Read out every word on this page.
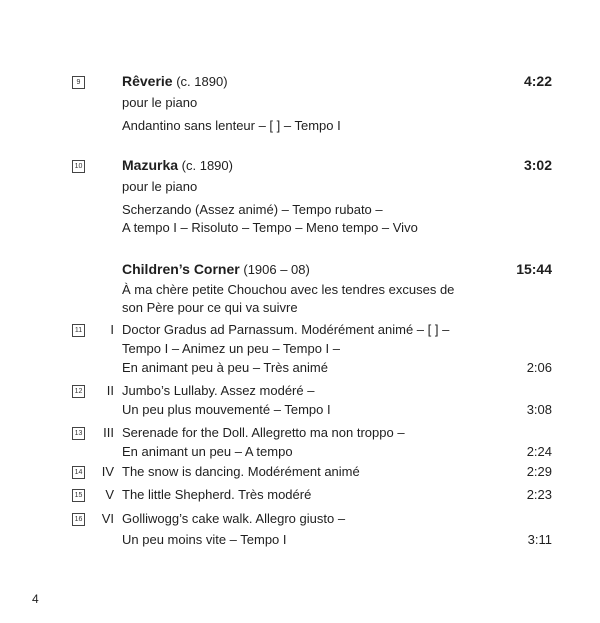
9	Rêverie (c. 1890)	4:22
pour le piano
Andantino sans lenteur – [ ] – Tempo I
10	Mazurka (c. 1890)	3:02
pour le piano
Scherzando (Assez animé) – Tempo rubato –
A tempo I – Risoluto – Tempo – Meno tempo – Vivo
Children’s Corner (1906 – 08)	15:44
À ma chère petite Chouchou avec les tendres excuses de
son Père pour ce qui va suivre
11	I Doctor Gradus ad Parnassum. Modérément animé – [ ] –
Tempo I – Animez un peu – Tempo I –
En animant peu à peu – Très animé	2:06
12	II Jumbo’s Lullaby. Assez modéré –
Un peu plus mouvementé – Tempo I	3:08
13	III Serenade for the Doll. Allegretto ma non troppo –
En animant un peu – A tempo	2:24
14	IV The snow is dancing. Modérément animé	2:29
15	V The little Shepherd. Très modéré	2:23
16	VI Golliwogg’s cake walk. Allegro giusto –
Un peu moins vite – Tempo I	3:11
4
